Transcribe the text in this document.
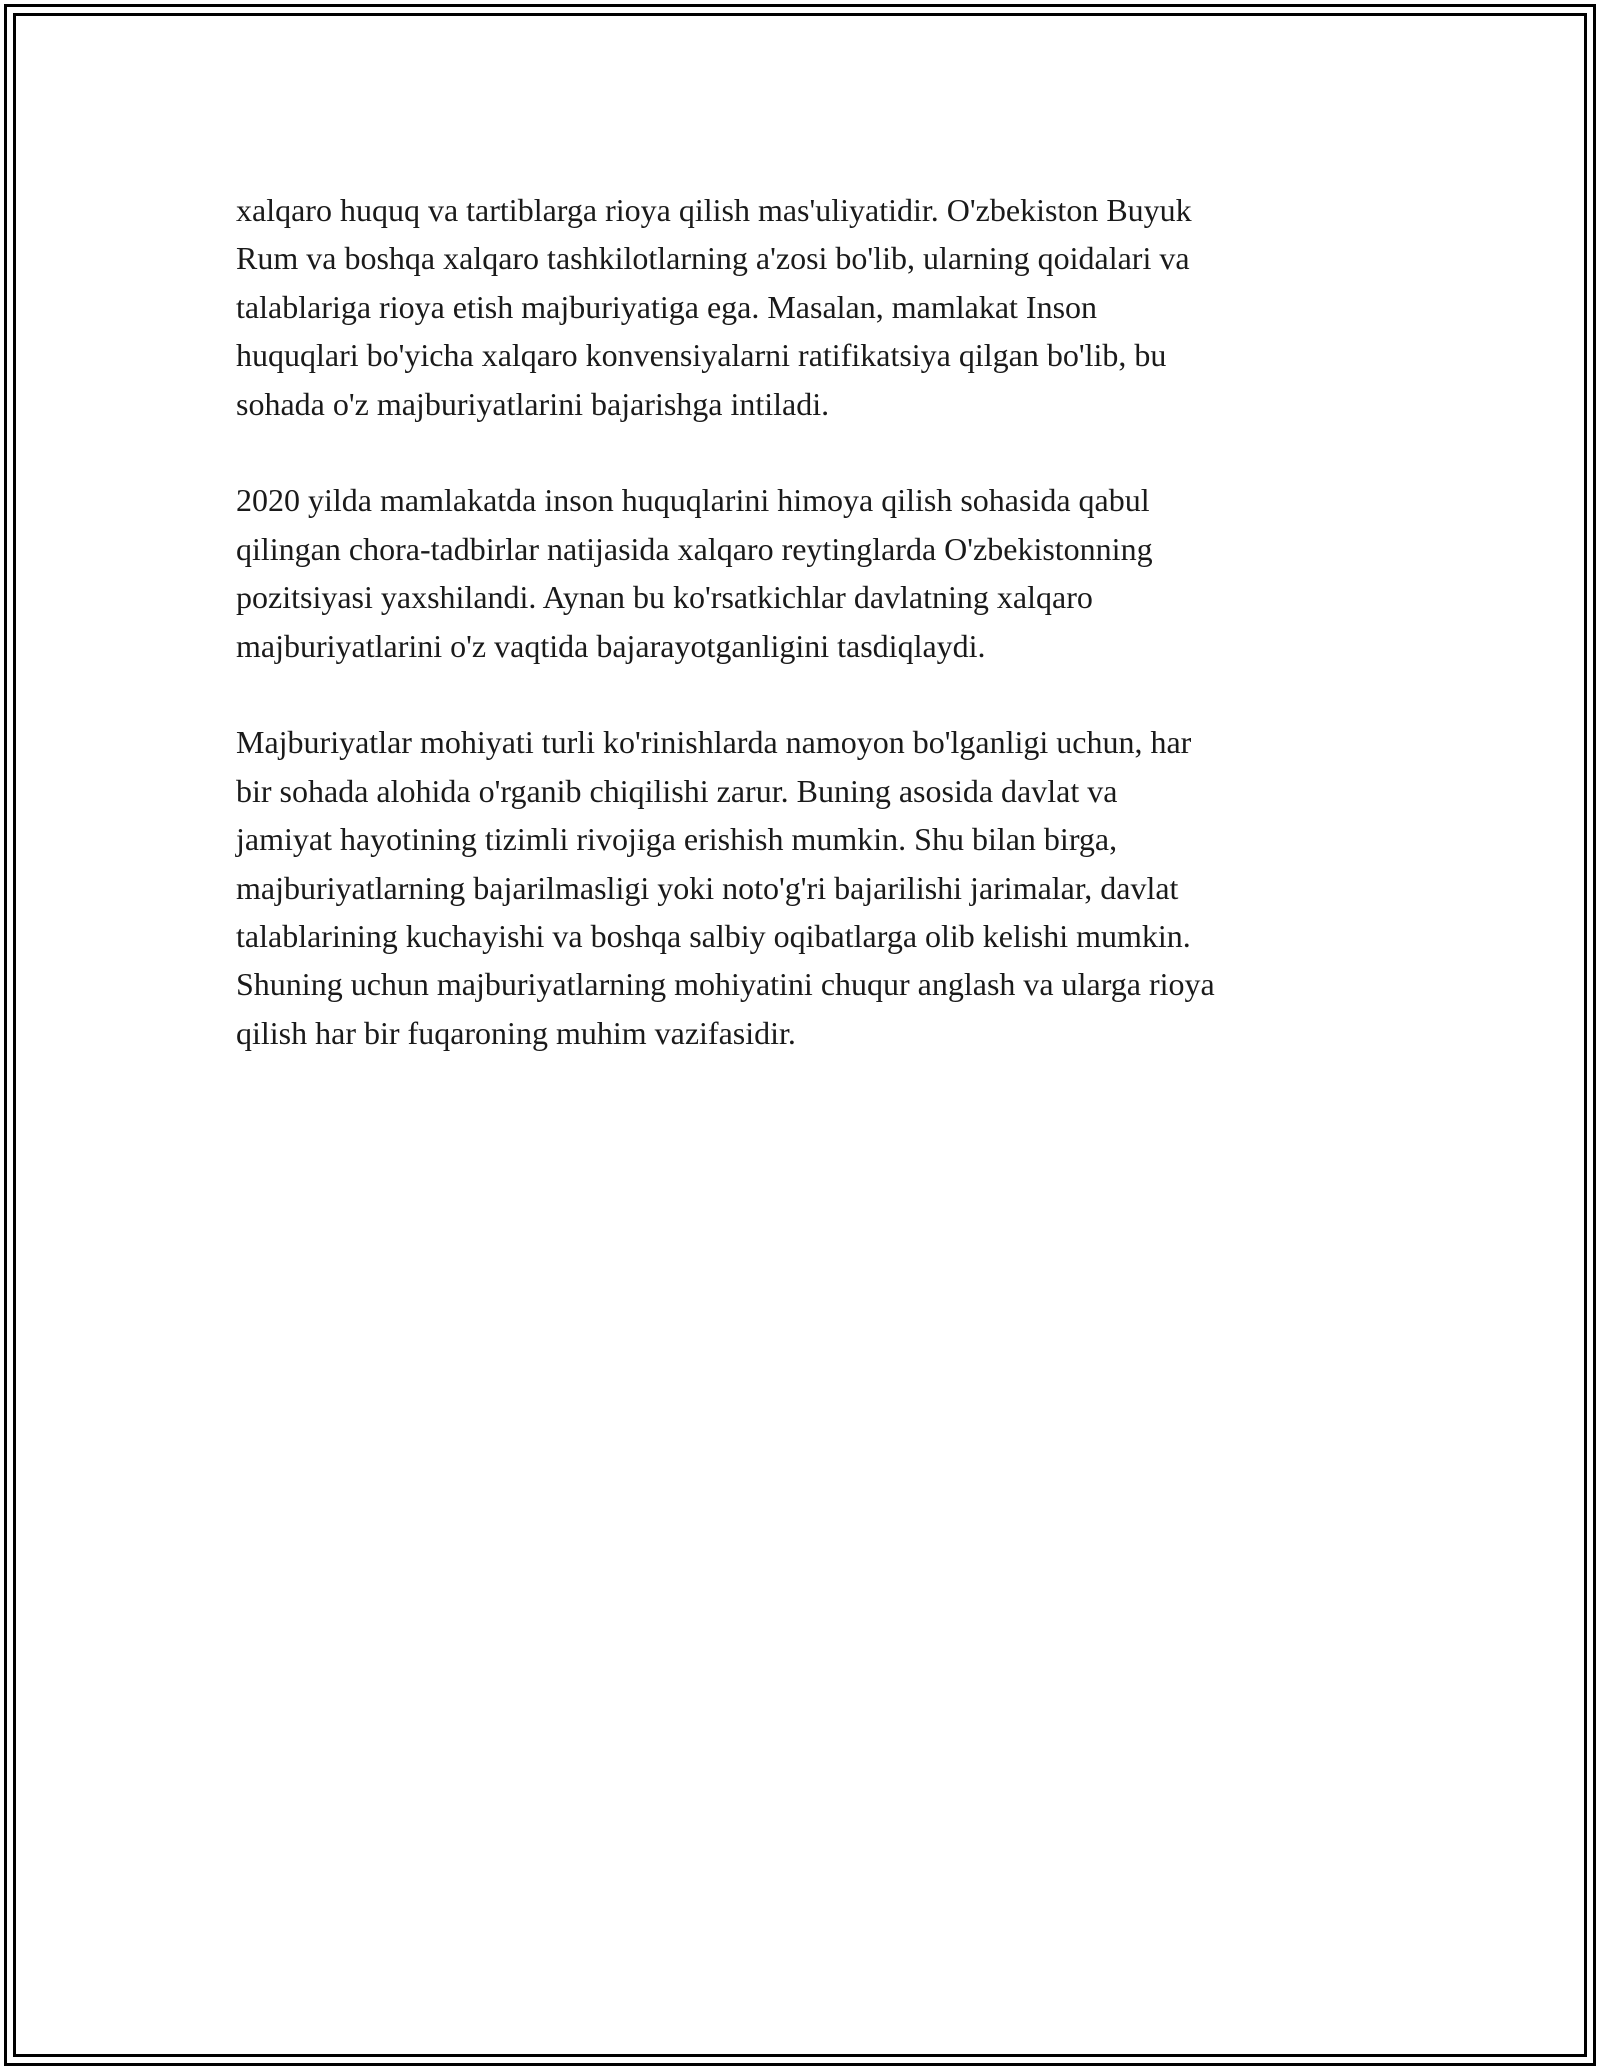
xalqaro huquq va tartiblarga rioya qilish mas'uliyatidir. O'zbekiston Buyuk
Rum va boshqa xalqaro tashkilotlarning a'zosi bo'lib, ularning qoidalari va
talablariga rioya etish majburiyatiga ega. Masalan, mamlakat Inson
huquqlari bo'yicha xalqaro konvensiyalarni ratifikatsiya qilgan bo'lib, bu
sohada o'z majburiyatlarini bajarishga intiladi.

2020 yilda mamlakatda inson huquqlarini himoya qilish sohasida qabul
qilingan chora-tadbirlar natijasida xalqaro reytinglarda O'zbekistonning
pozitsiyasi yaxshilandi. Aynan bu ko'rsatkichlar davlatning xalqaro
majburiyatlarini o'z vaqtida bajarayotganligini tasdiqlaydi.

Majburiyatlar mohiyati turli ko'rinishlarda namoyon bo'lganligi uchun, har
bir sohada alohida o'rganib chiqilishi zarur. Buning asosida davlat va
jamiyat hayotining tizimli rivojiga erishish mumkin. Shu bilan birga,
majburiyatlarning bajarilmasligi yoki noto'g'ri bajarilishi jarimalar, davlat
talablarining kuchayishi va boshqa salbiy oqibatlarga olib kelishi mumkin.
Shuning uchun majburiyatlarning mohiyatini chuqur anglash va ularga rioya
qilish har bir fuqaroning muhim vazifasidir.
